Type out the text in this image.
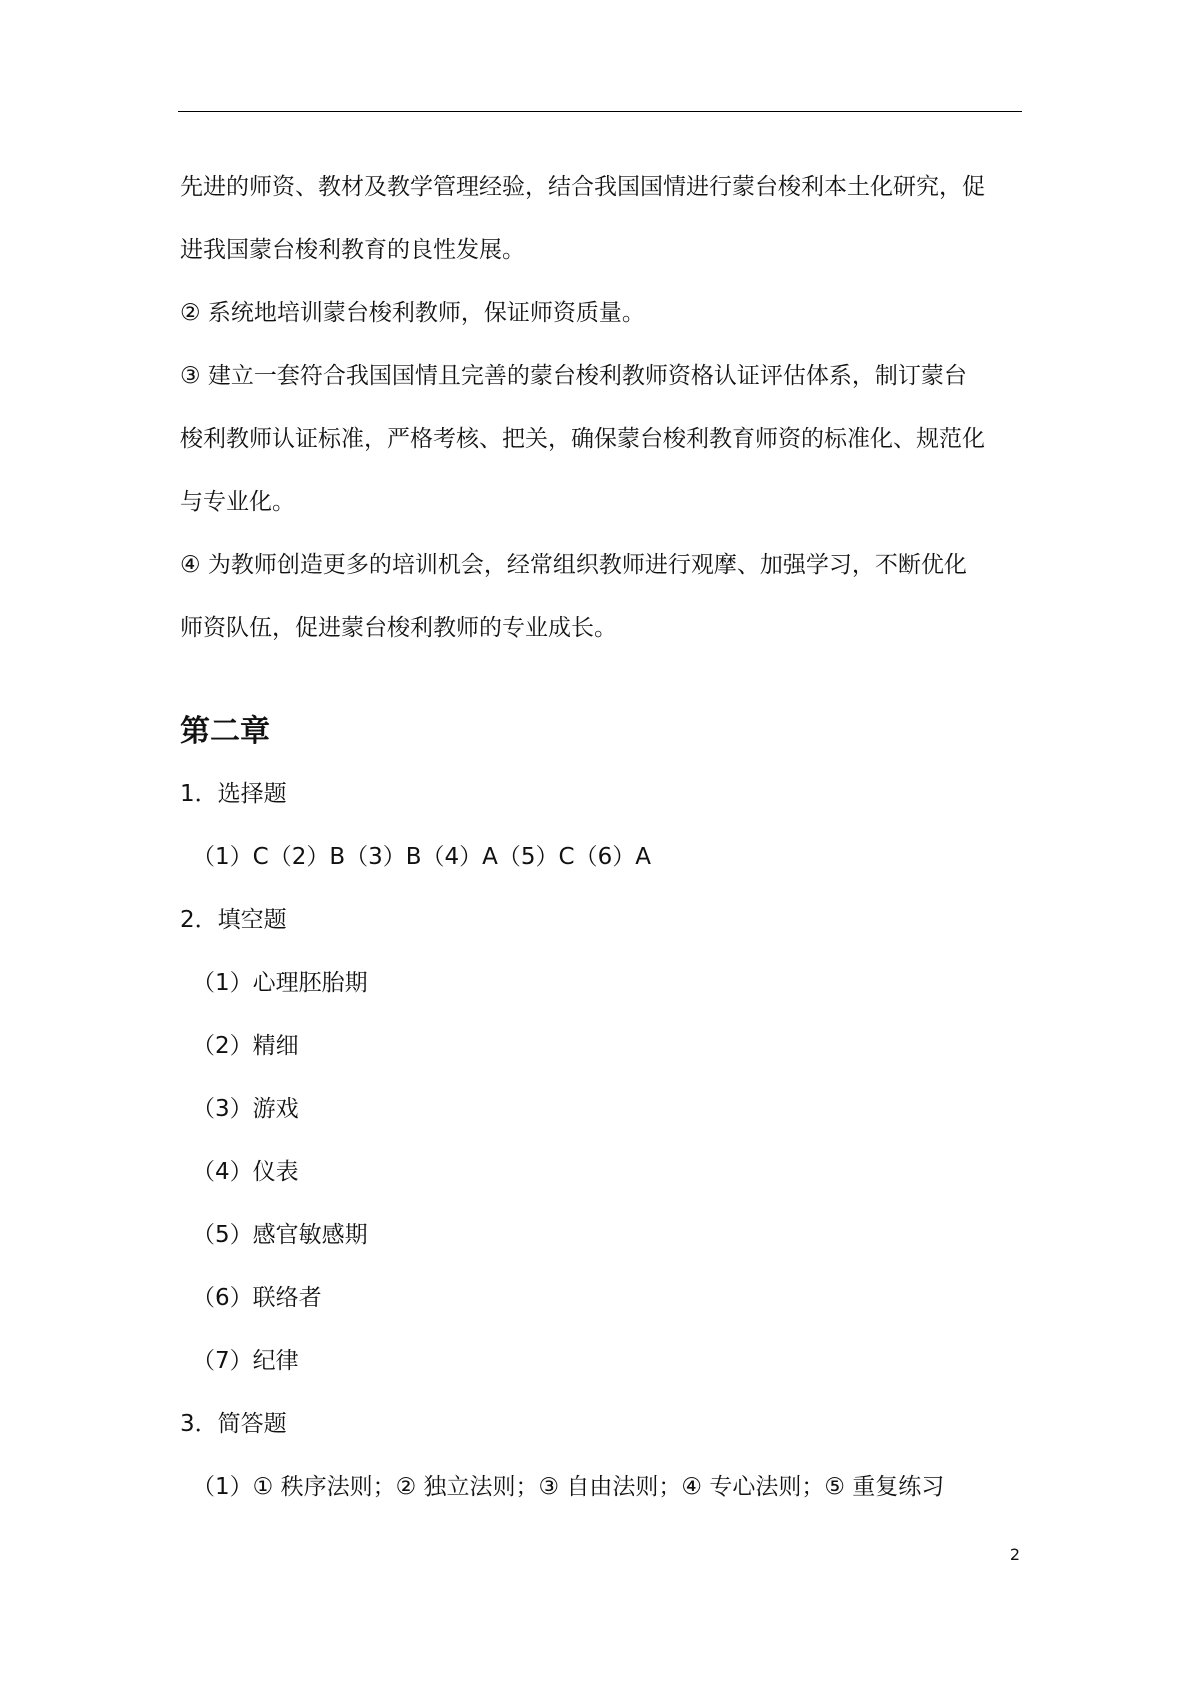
先进的师资、教材及教学管理经验，结合我国国情进行蒙台梭利本土化研究，促
进我国蒙台梭利教育的良性发展。
② 系统地培训蒙台梭利教师，保证师资质量。
③ 建立一套符合我国国情且完善的蒙台梭利教师资格认证评估体系，制订蒙台
梭利教师认证标准，严格考核、把关，确保蒙台梭利教育师资的标准化、规范化
与专业化。
④ 为教师创造更多的培训机会，经常组织教师进行观摩、加强学习，不断优化
师资队伍，促进蒙台梭利教师的专业成长。
第二章
1．选择题
（1）C（2）B（3）B（4）A（5）C（6）A
2．填空题
（1）心理胚胎期
（2）精细
（3）游戏
（4）仪表
（5）感官敏感期
（6）联络者
（7）纪律
3．简答题
（1）① 秩序法则；② 独立法则；③ 自由法则；④ 专心法则；⑤ 重复练习
2
